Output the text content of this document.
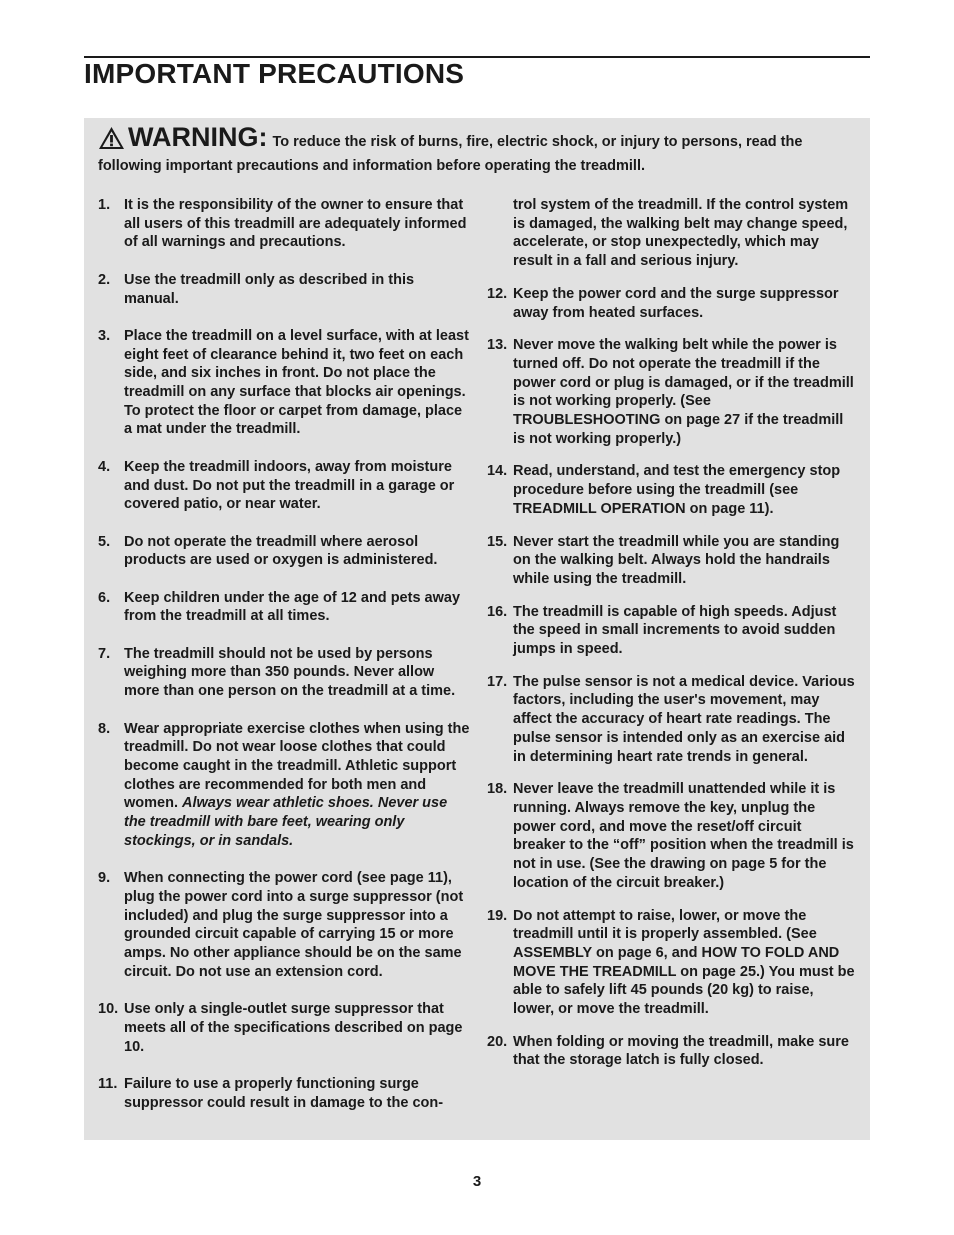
IMPORTANT PRECAUTIONS
WARNING: To reduce the risk of burns, fire, electric shock, or injury to persons, read the following important precautions and information before operating the treadmill.
1. It is the responsibility of the owner to ensure that all users of this treadmill are adequately informed of all warnings and precautions.
2. Use the treadmill only as described in this manual.
3. Place the treadmill on a level surface, with at least eight feet of clearance behind it, two feet on each side, and six inches in front. Do not place the treadmill on any surface that blocks air openings. To protect the floor or carpet from damage, place a mat under the treadmill.
4. Keep the treadmill indoors, away from moisture and dust. Do not put the treadmill in a garage or covered patio, or near water.
5. Do not operate the treadmill where aerosol products are used or oxygen is administered.
6. Keep children under the age of 12 and pets away from the treadmill at all times.
7. The treadmill should not be used by persons weighing more than 350 pounds. Never allow more than one person on the treadmill at a time.
8. Wear appropriate exercise clothes when using the treadmill. Do not wear loose clothes that could become caught in the treadmill. Athletic support clothes are recommended for both men and women. Always wear athletic shoes. Never use the treadmill with bare feet, wearing only stockings, or in sandals.
9. When connecting the power cord (see page 11), plug the power cord into a surge suppressor (not included) and plug the surge suppressor into a grounded circuit capable of carrying 15 or more amps. No other appliance should be on the same circuit. Do not use an extension cord.
10. Use only a single-outlet surge suppressor that meets all of the specifications described on page 10.
11. Failure to use a properly functioning surge suppressor could result in damage to the con-
trol system of the treadmill. If the control system is damaged, the walking belt may change speed, accelerate, or stop unexpectedly, which may result in a fall and serious injury.
12. Keep the power cord and the surge suppressor away from heated surfaces.
13. Never move the walking belt while the power is turned off. Do not operate the treadmill if the power cord or plug is damaged, or if the treadmill is not working properly. (See TROUBLESHOOTING on page 27 if the treadmill is not working properly.)
14. Read, understand, and test the emergency stop procedure before using the treadmill (see TREADMILL OPERATION on page 11).
15. Never start the treadmill while you are standing on the walking belt. Always hold the handrails while using the treadmill.
16. The treadmill is capable of high speeds. Adjust the speed in small increments to avoid sudden jumps in speed.
17. The pulse sensor is not a medical device. Various factors, including the user's movement, may affect the accuracy of heart rate readings. The pulse sensor is intended only as an exercise aid in determining heart rate trends in general.
18. Never leave the treadmill unattended while it is running. Always remove the key, unplug the power cord, and move the reset/off circuit breaker to the “off” position when the treadmill is not in use. (See the drawing on page 5 for the location of the circuit breaker.)
19. Do not attempt to raise, lower, or move the treadmill until it is properly assembled. (See ASSEMBLY on page 6, and HOW TO FOLD AND MOVE THE TREADMILL on page 25.) You must be able to safely lift 45 pounds (20 kg) to raise, lower, or move the treadmill.
20. When folding or moving the treadmill, make sure that the storage latch is fully closed.
3
